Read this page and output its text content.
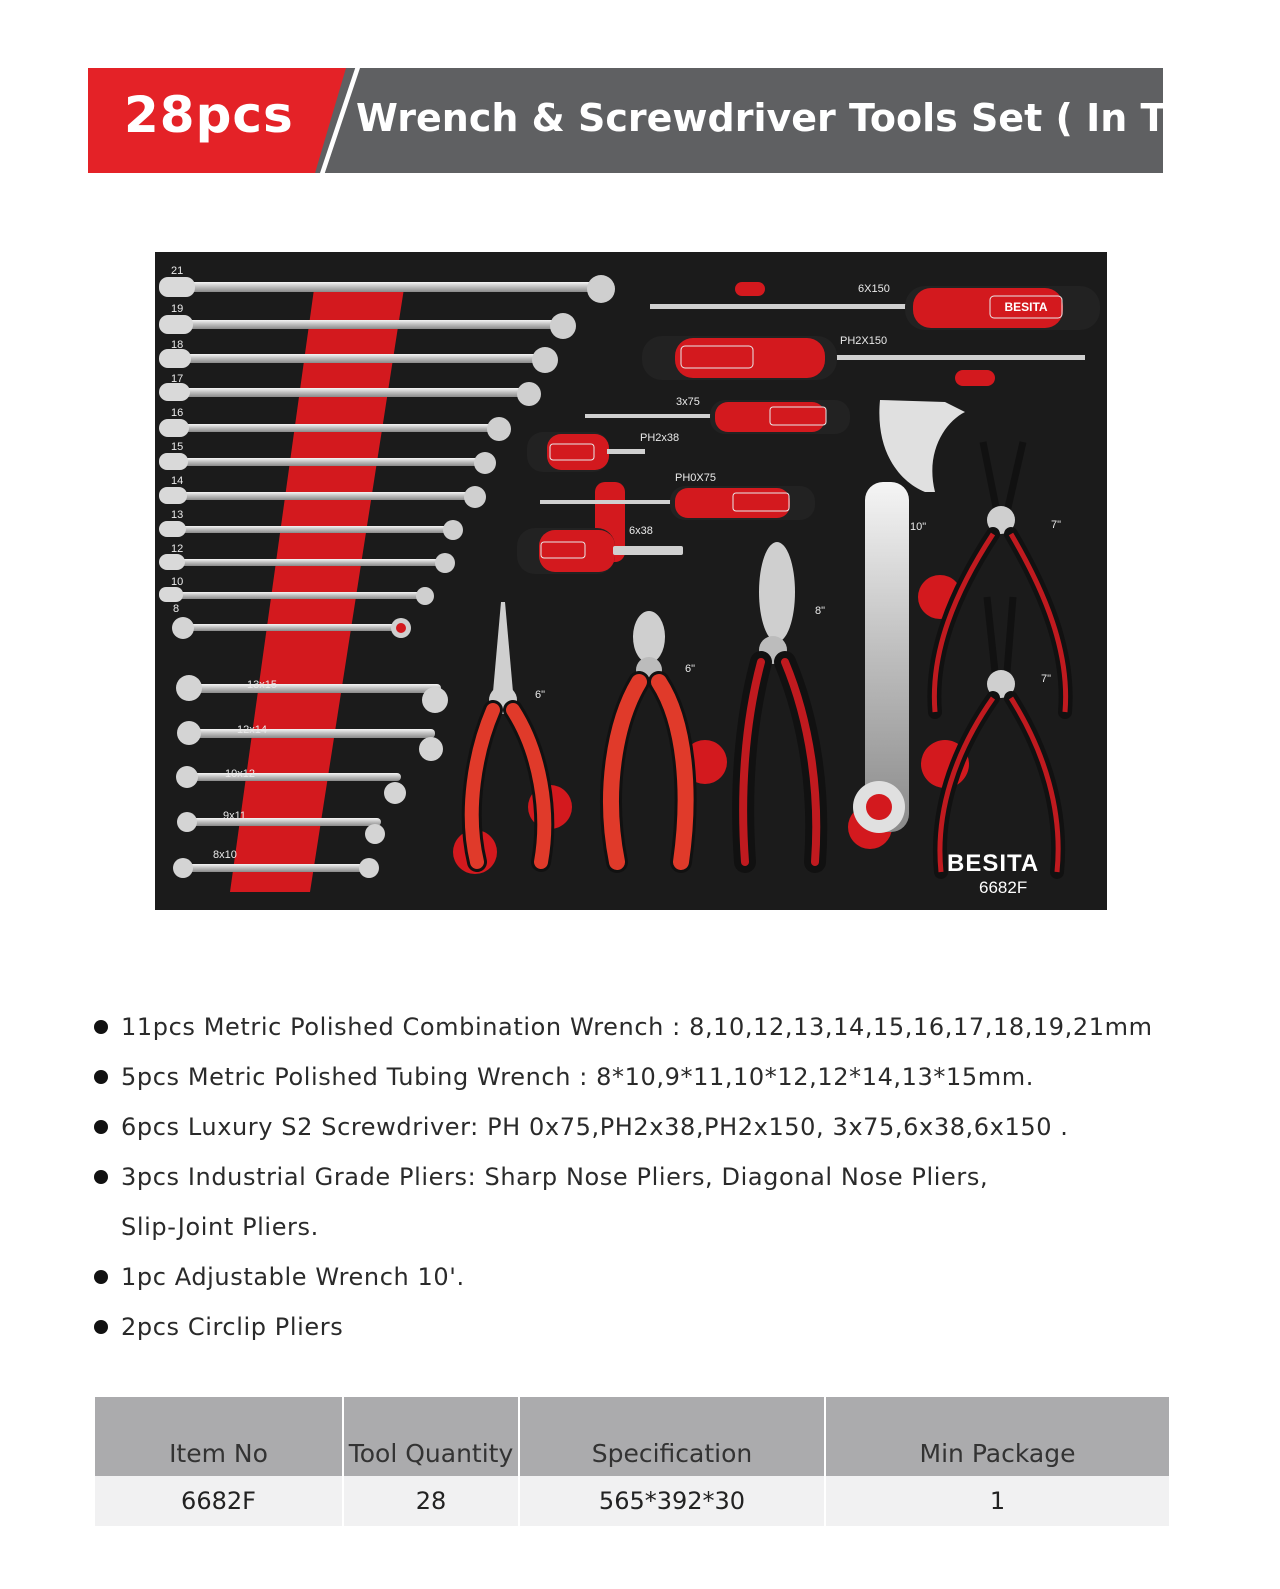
28pcs Wrench & Screwdriver Tools Set ( In Tray)
BESITA
21
19
18
17
16
15
14
13
12
10
8
13x15
12x14
10x12
9x11
8x10
6X150
PH2X150
3x75
PH2x38
PH0X75
6x38
6"
6"
8"
10"	7"
7"
BESITA
6682F
11pcs Metric Polished Combination Wrench : 8,10,12,13,14,15,16,17,18,19,21mm
5pcs Metric Polished Tubing Wrench : 8*10,9*11,10*12,12*14,13*15mm.
6pcs Luxury S2 Screwdriver: PH 0x75,PH2x38,PH2x150, 3x75,6x38,6x150 .
3pcs Industrial Grade Pliers: Sharp Nose Pliers, Diagonal Nose Pliers,
Slip-Joint Pliers.
1pc Adjustable Wrench 10'.
2pcs Circlip Pliers
Item No	Tool Quantity	Specification	Min Package
6682F	28	565*392*30	1
